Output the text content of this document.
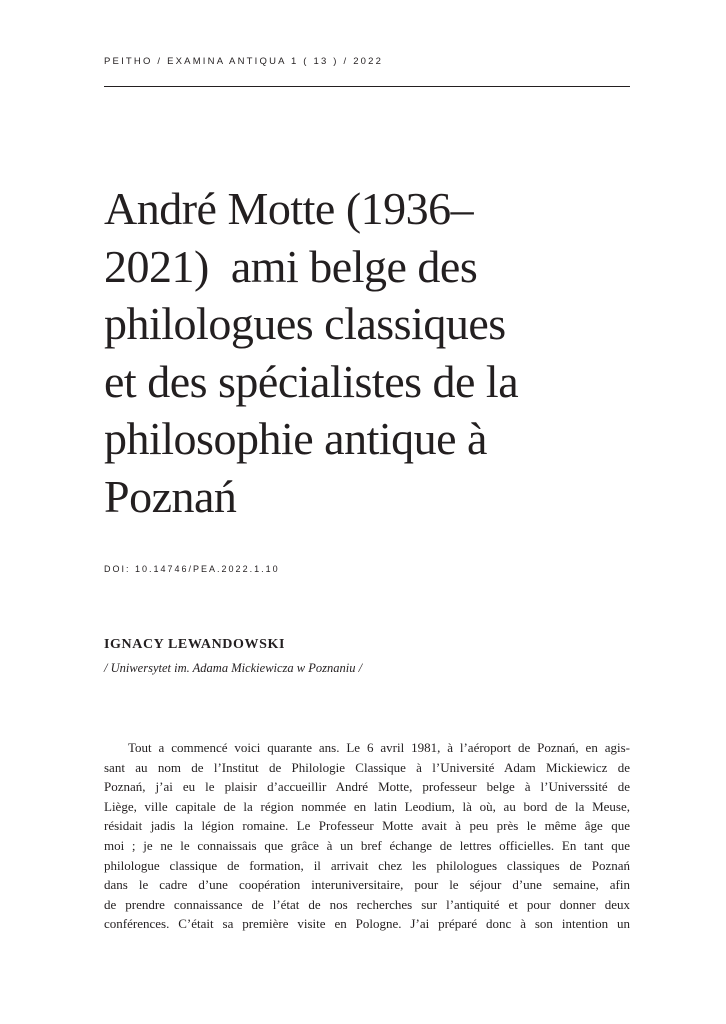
PEITHO / EXAMINA ANTIQUA 1 ( 13 ) / 2022
André Motte (1936–
2021)  ami belge des
philologues classiques
et des spécialistes de la
philosophie antique à
Poznań
DOI: 10.14746/PEA.2022.1.10
IGNACY LEWANDOWSKI
/ Uniwersytet im. Adama Mickiewicza w Poznaniu /
Tout a commencé voici quarante ans. Le 6 avril 1981, à l’aéroport de Poznań, en agis-
sant au nom de l’Institut de Philologie Classique à l’Université Adam Mickiewicz de
Poznań, j’ai eu le plaisir d’accueillir André Motte, professeur belge à l’Universsité de
Liège, ville capitale de la région nommée en latin Leodium, là où, au bord de la Meuse,
résidait jadis la légion romaine. Le Professeur Motte avait à peu près le même âge que
moi ; je ne le connaissais que grâce à un bref échange de lettres officielles. En tant que
philologue classique de formation, il arrivait chez les philologues classiques de Poznań
dans le cadre d’une coopération interuniversitaire, pour le séjour d’une semaine, afin
de prendre connaissance de l’état de nos recherches sur l’antiquité et pour donner deux
conférences. C’était sa première visite en Pologne. J’ai préparé donc à son intention un
